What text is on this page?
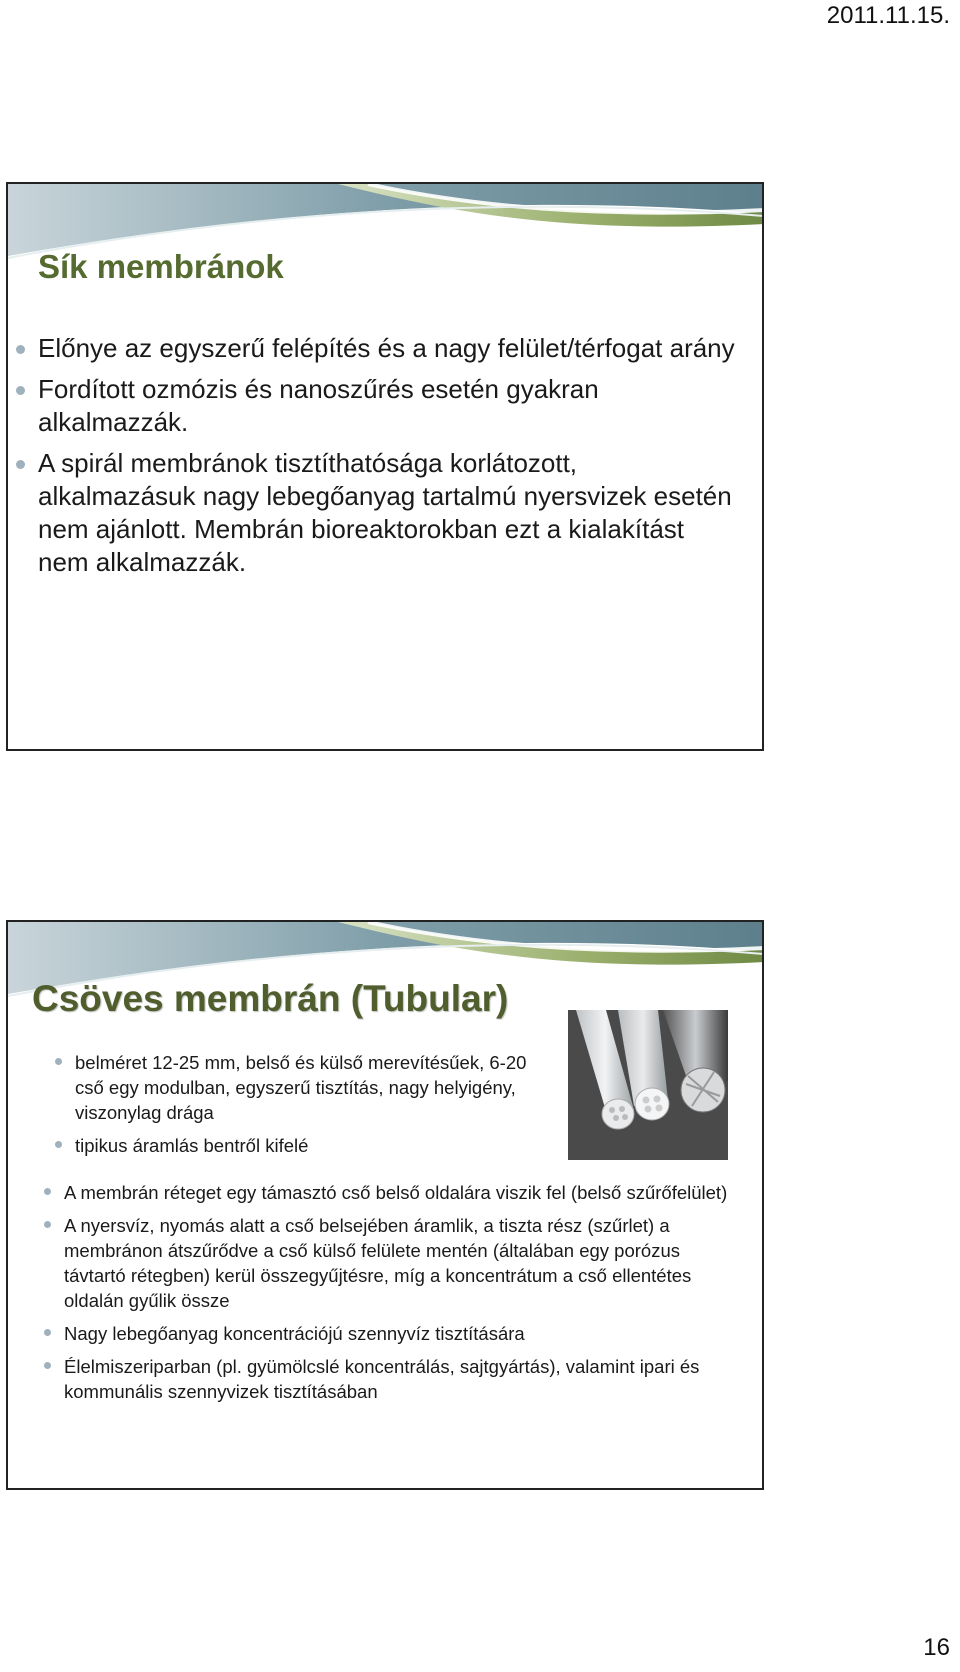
2011.11.15.
Sík membránok
Előnye az egyszerű felépítés és a nagy felület/térfogat arány
Fordított ozmózis és nanoszűrés esetén gyakran alkalmazzák.
A spirál membránok tisztíthatósága korlátozott, alkalmazásuk nagy lebegőanyag tartalmú nyersvizek esetén nem ajánlott. Membrán bioreaktorokban ezt a kialakítást nem alkalmazzák.
Csöves membrán (Tubular)
belméret 12-25 mm, belső és külső merevítésűek, 6-20 cső egy modulban, egyszerű tisztítás, nagy helyigény, viszonylag drága
tipikus áramlás bentről kifelé
A membrán réteget egy támasztó cső belső oldalára viszik fel (belső szűrőfelület)
A nyersvíz, nyomás alatt a cső belsejében áramlik, a tiszta rész (szűrlet) a membránon átszűrődve a cső külső felülete mentén (általában egy porózus távtartó rétegben) kerül összegyűjtésre, míg a koncentrátum a cső ellentétes oldalán gyűlik össze
Nagy lebegőanyag koncentrációjú szennyvíz tisztítására
Élelmiszeriparban (pl. gyümölcslé koncentrálás, sajtgyártás), valamint ipari és kommunális szennyvizek tisztításában
16
